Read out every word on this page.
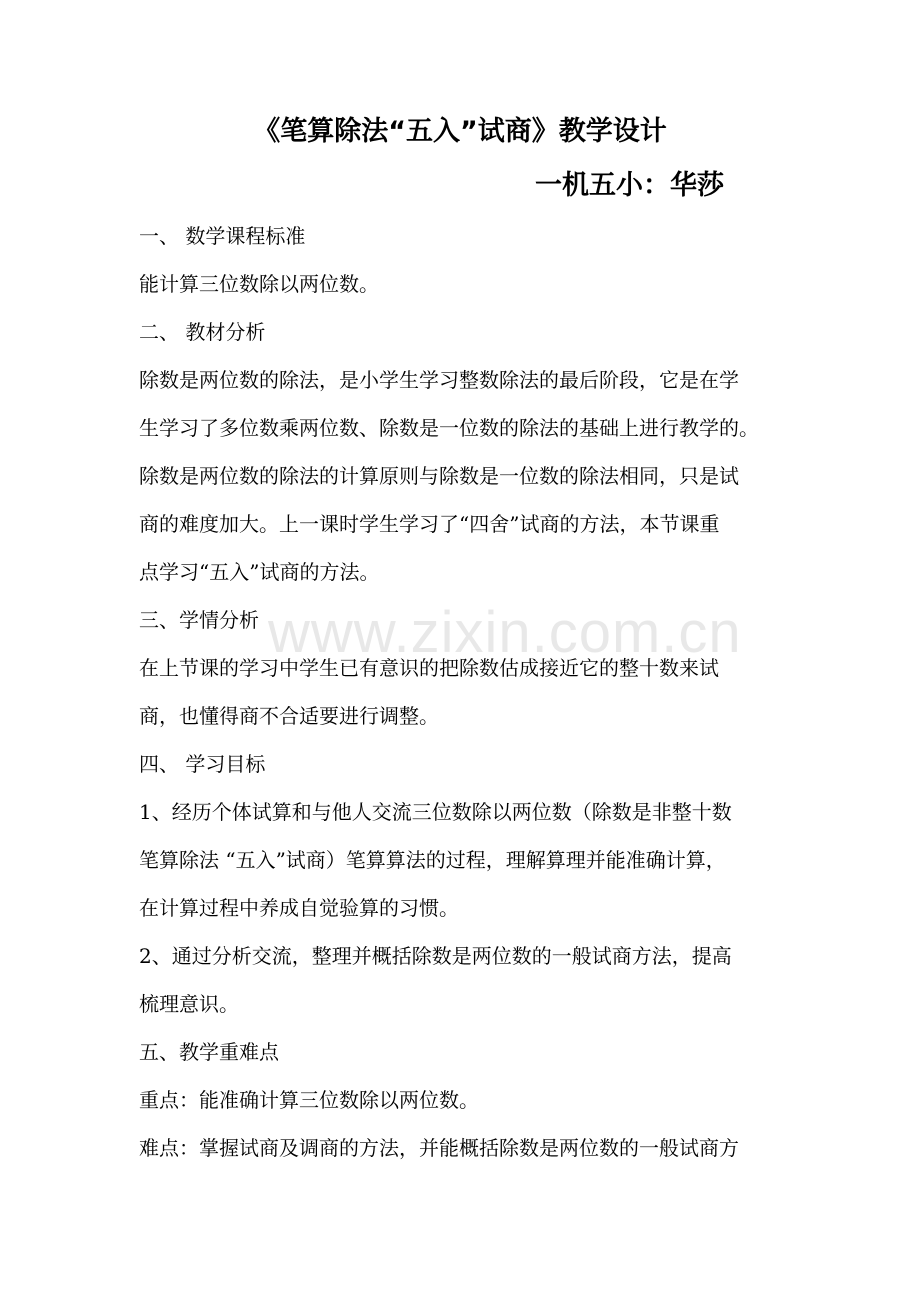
《笔算除法“五入”试商》教学设计
一机五小：华莎
一、 数学课程标准
能计算三位数除以两位数。
二、 教材分析
除数是两位数的除法，是小学生学习整数除法的最后阶段，它是在学
生学习了多位数乘两位数、除数是一位数的除法的基础上进行教学的。
除数是两位数的除法的计算原则与除数是一位数的除法相同，只是试
商的难度加大。上一课时学生学习了“四舍”试商的方法，本节课重
点学习“五入”试商的方法。
三、学情分析
在上节课的学习中学生已有意识的把除数估成接近它的整十数来试
商，也懂得商不合适要进行调整。
四、 学习目标
1、经历个体试算和与他人交流三位数除以两位数（除数是非整十数
笔算除法 “五入”试商）笔算算法的过程，理解算理并能准确计算，
在计算过程中养成自觉验算的习惯。
2、通过分析交流，整理并概括除数是两位数的一般试商方法，提高
梳理意识。
五、教学重难点
重点：能准确计算三位数除以两位数。
难点：掌握试商及调商的方法，并能概括除数是两位数的一般试商方
www.zixin.com.cn
